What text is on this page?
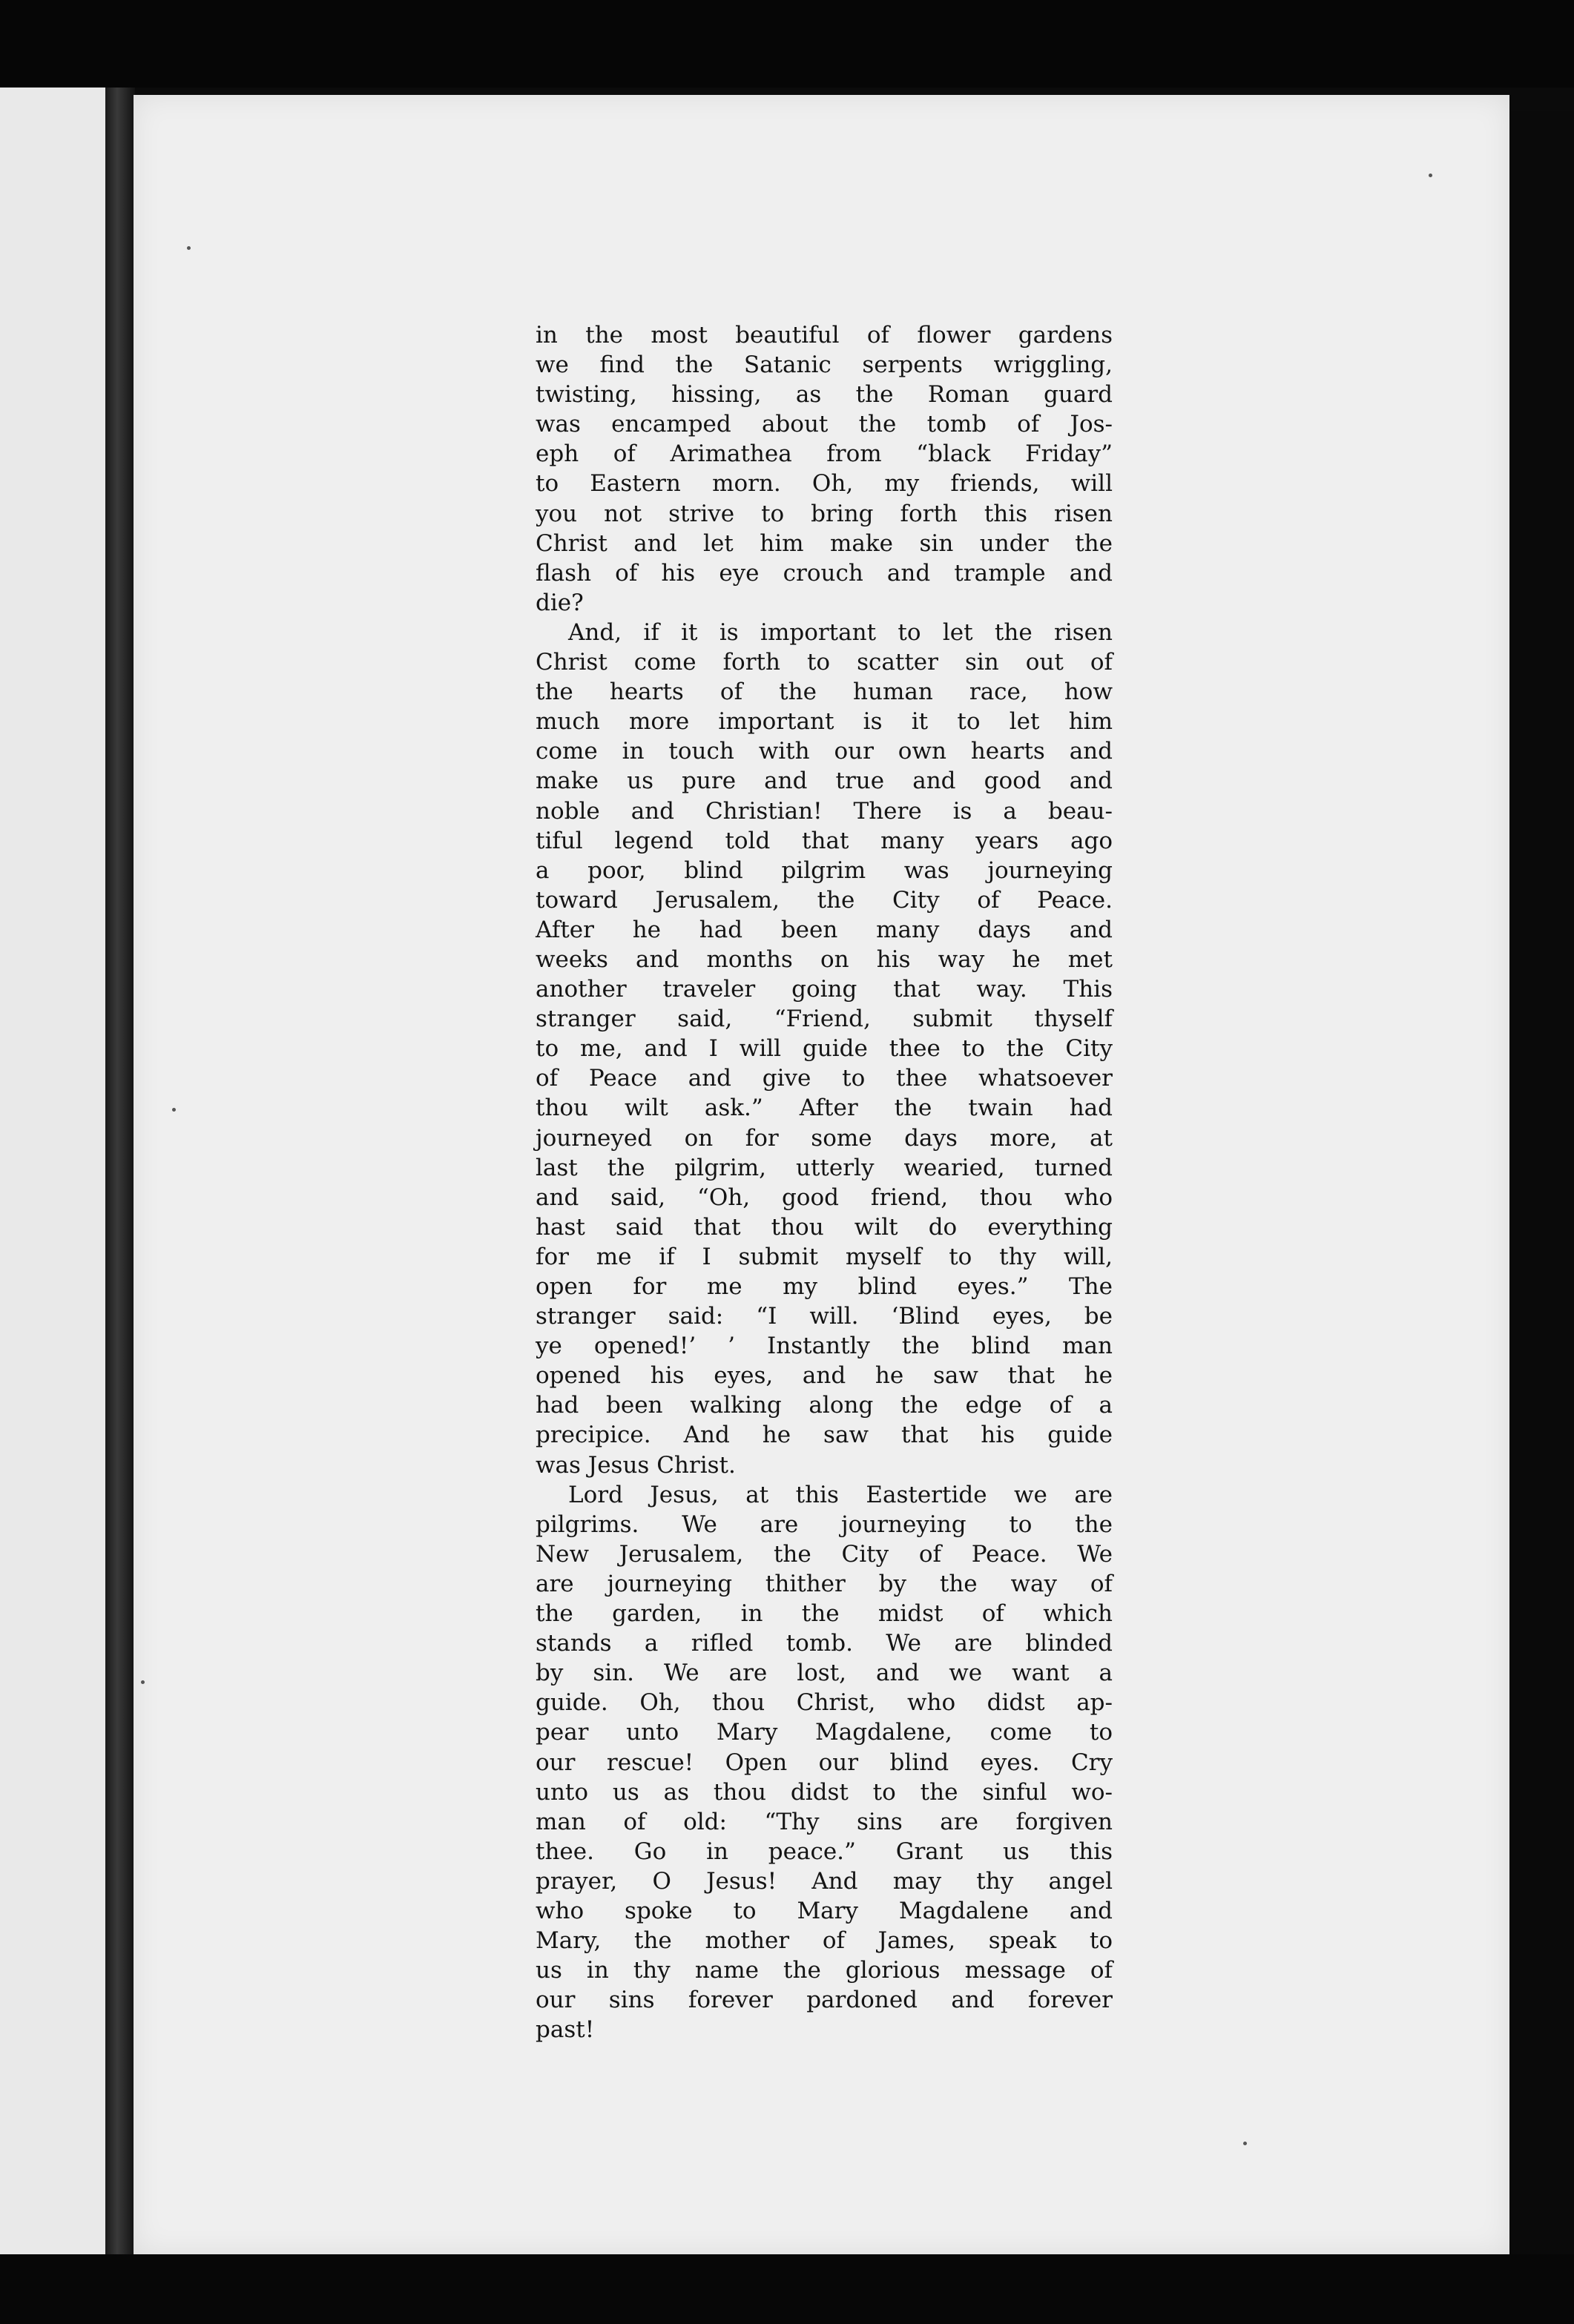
in the most beautiful of flower gardens
we find the Satanic serpents wriggling,
twisting, hissing, as the Roman guard
was encamped about the tomb of Jos-
eph of Arimathea from “black Friday”
to Eastern morn. Oh, my friends, will
you not strive to bring forth this risen
Christ and let him make sin under the
flash of his eye crouch and trample and
die?

And, if it is important to let the risen
Christ come forth to scatter sin out of
the hearts of the human race, how
much more important is it to let him
come in touch with our own hearts and
make us pure and true and good and
noble and Christian! There is a beau-
tiful legend told that many years ago
a poor, blind pilgrim was journeying
toward Jerusalem, the City of Peace.
After he had been many days and
weeks and months on his way he met
another traveler going that way. This
stranger said, “Friend, submit thyself
to me, and I will guide thee to the City
of Peace and give to thee whatsoever
thou wilt ask.” After the twain had
journeyed on for some days more, at
last the pilgrim, utterly wearied, turned
and said, “Oh, good friend, thou who
hast said that thou wilt do everything
for me if I submit myself to thy will,
open for me my blind eyes.” The
stranger said: “I will. ‘Blind eyes, be
ye opened!’ ’ Instantly the blind man
opened his eyes, and he saw that he
had been walking along the edge of a
precipice. And he saw that his guide
was Jesus Christ.

Lord Jesus, at this Eastertide we are
pilgrims. We are journeying to the
New Jerusalem, the City of Peace. We
are journeying thither by the way of
the garden, in the midst of which
stands a rifled tomb. We are blinded
by sin. We are lost, and we want a
guide. Oh, thou Christ, who didst ap-
pear unto Mary Magdalene, come to
our rescue! Open our blind eyes. Cry
unto us as thou didst to the sinful wo-
man of old: “Thy sins are forgiven
thee. Go in peace.” Grant us this
prayer, O Jesus! And may thy angel
who spoke to Mary Magdalene and
Mary, the mother of James, speak to
us in thy name the glorious message of
our sins forever pardoned and forever
past!
